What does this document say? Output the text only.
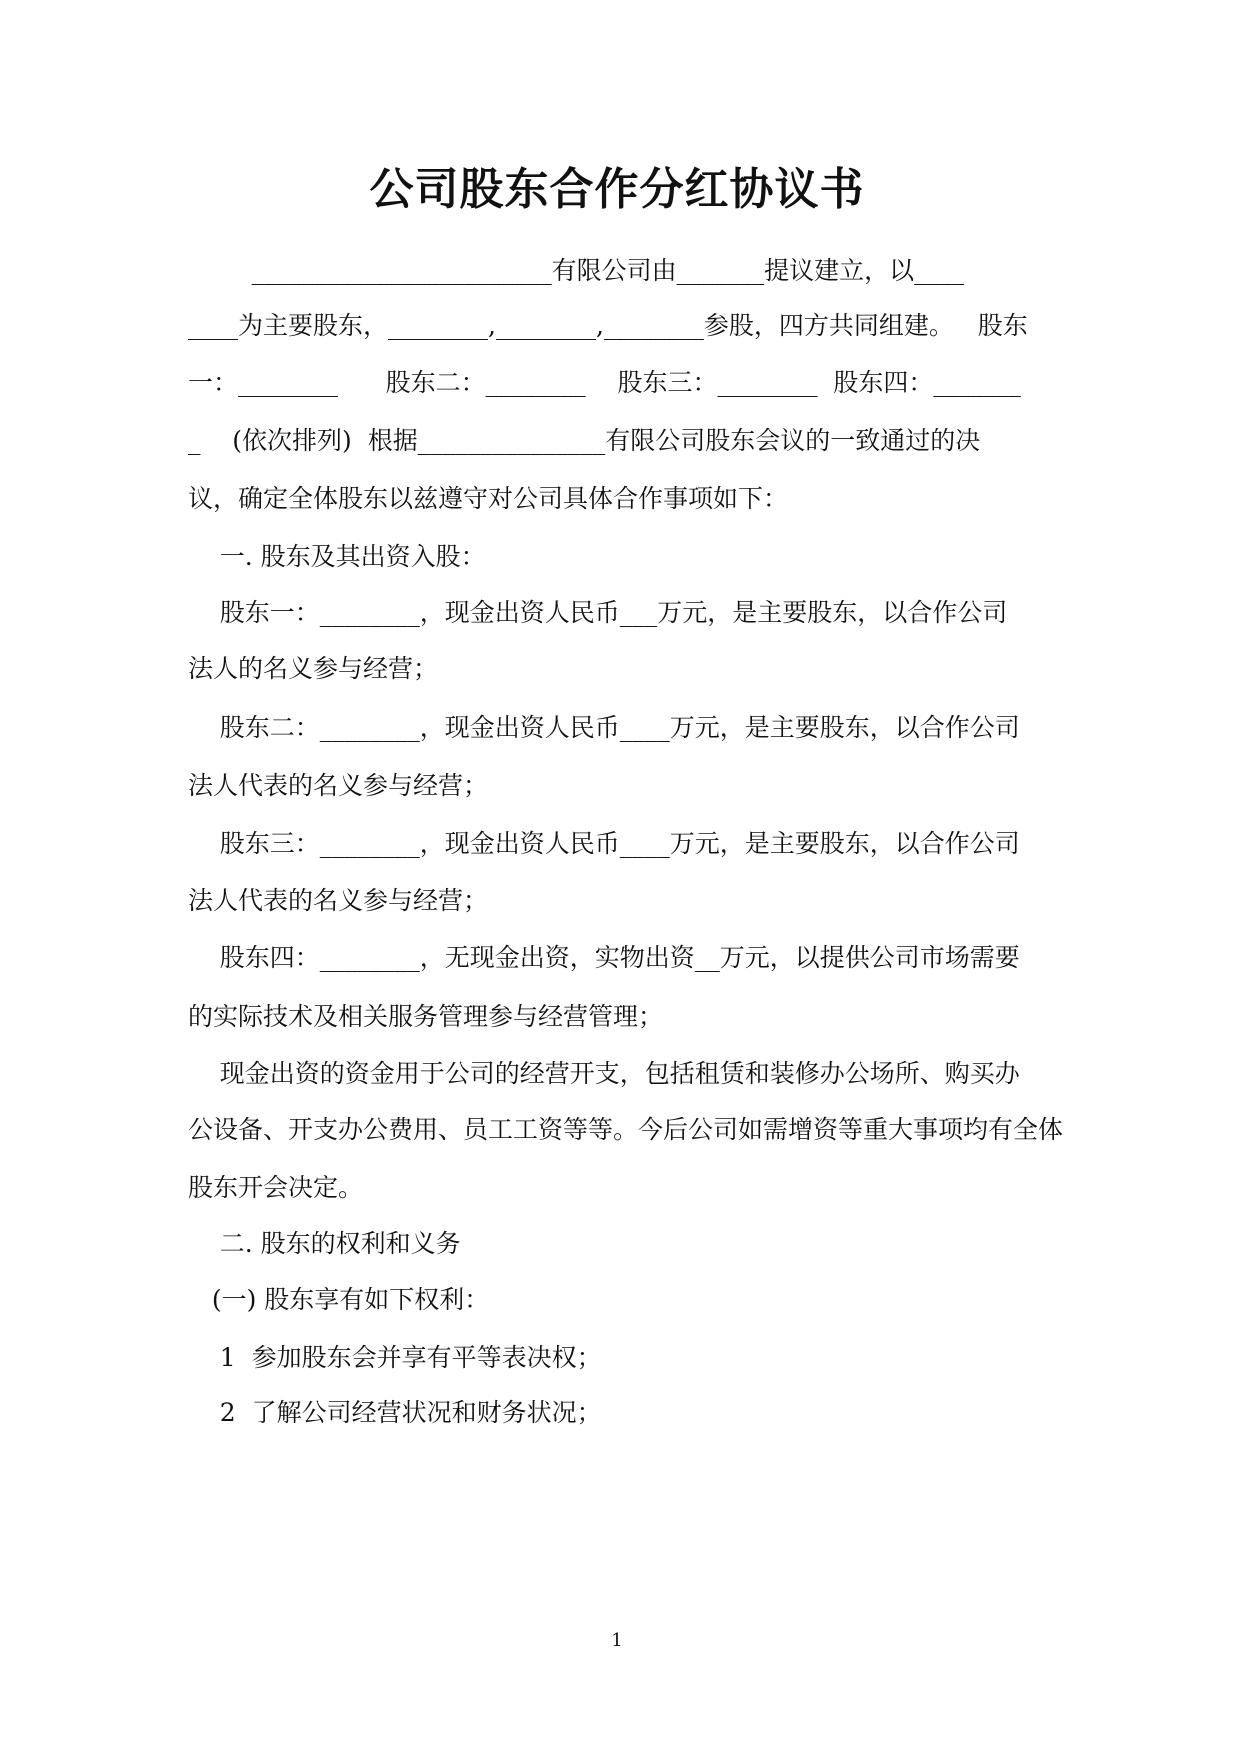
公司股东合作分红协议书
________________________有限公司由_______提议建立，以____
____为主要股东，________,________,________参股，四方共同组建。   股东
一：________      股东二：________    股东三：________  股东四：_______
_    (依次排列)  根据_______________有限公司股东会议的一致通过的决
议，确定全体股东以兹遵守对公司具体合作事项如下：
一. 股东及其出资入股：
股东一：________，现金出资人民币___万元，是主要股东，以合作公司
法人的名义参与经营；
股东二：________，现金出资人民币____万元，是主要股东，以合作公司
法人代表的名义参与经营；
股东三：________，现金出资人民币____万元，是主要股东，以合作公司
法人代表的名义参与经营；
股东四：________，无现金出资，实物出资__万元，以提供公司市场需要
的实际技术及相关服务管理参与经营管理；
现金出资的资金用于公司的经营开支，包括租赁和装修办公场所、购买办
公设备、开支办公费用、员工工资等等。今后公司如需增资等重大事项均有全体
股东开会决定。
二. 股东的权利和义务
(一) 股东享有如下权利：
1  参加股东会并享有平等表决权；
2  了解公司经营状况和财务状况；
1
